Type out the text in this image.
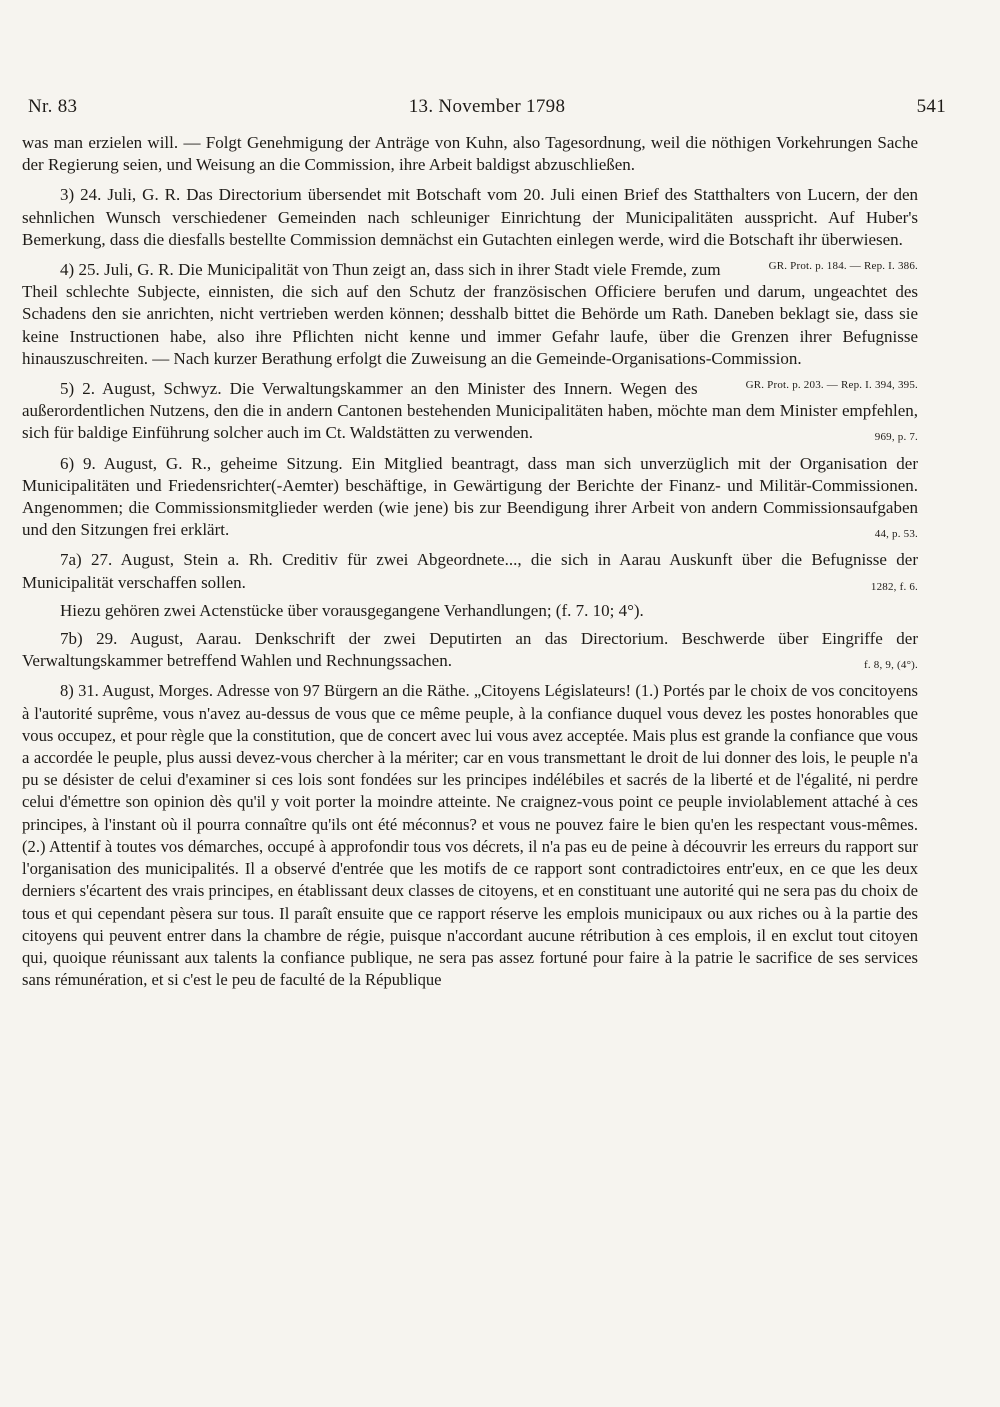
Nr. 83	13. November 1798	541

was man erzielen will. — Folgt Genehmigung der Anträge von Kuhn, also Tagesordnung, weil die nöthigen Vorkehrungen Sache der Regierung seien, und Weisung an die Commission, ihre Arbeit baldigst abzuschließen.

3) 24. Juli, G. R. Das Directorium übersendet mit Botschaft vom 20. Juli einen Brief des Statthalters von Lucern, der den sehnlichen Wunsch verschiedener Gemeinden nach schleuniger Einrichtung der Municipalitäten ausspricht. Auf Huber's Bemerkung, dass die diesfalls bestellte Commission demnächst ein Gutachten einlegen werde, wird die Botschaft ihr überwiesen.
GR. Prot. p. 184. — Rep. I. 386.

4) 25. Juli, G. R. Die Municipalität von Thun zeigt an, dass sich in ihrer Stadt viele Fremde, zum Theil schlechte Subjecte, einnisten, die sich auf den Schutz der französischen Officiere berufen und darum, ungeachtet des Schadens den sie anrichten, nicht vertrieben werden können; desshalb bittet die Behörde um Rath. Daneben beklagt sie, dass sie keine Instructionen habe, also ihre Pflichten nicht kenne und immer Gefahr laufe, über die Grenzen ihrer Befugnisse hinauszuschreiten. — Nach kurzer Berathung erfolgt die Zuweisung an die Gemeinde-Organisations-Commission.
GR. Prot. p. 203. — Rep. I. 394, 395.

5) 2. August, Schwyz. Die Verwaltungskammer an den Minister des Innern. Wegen des außerordentlichen Nutzens, den die in andern Cantonen bestehenden Municipalitäten haben, möchte man dem Minister empfehlen, sich für baldige Einführung solcher auch im Ct. Waldstätten zu verwenden.	969, p. 7.

6) 9. August, G. R., geheime Sitzung. Ein Mitglied beantragt, dass man sich unverzüglich mit der Organisation der Municipalitäten und Friedensrichter(-Aemter) beschäftige, in Gewärtigung der Berichte der Finanz- und Militär-Commissionen. Angenommen; die Commissionsmitglieder werden (wie jene) bis zur Beendigung ihrer Arbeit von andern Commissionsaufgaben und den Sitzungen frei erklärt.	44, p. 53.

7a) 27. August, Stein a. Rh. Creditiv für zwei Abgeordnete..., die sich in Aarau Auskunft über die Befugnisse der Municipalität verschaffen sollen.	1282, f. 6.

Hiezu gehören zwei Actenstücke über vorausgegangene Verhandlungen; (f. 7. 10; 4°).

7b) 29. August, Aarau. Denkschrift der zwei Deputirten an das Directorium. Beschwerde über Eingriffe der Verwaltungskammer betreffend Wahlen und Rechnungssachen.	f. 8, 9, (4°).

8) 31. August, Morges. Adresse von 97 Bürgern an die Räthe. „Citoyens Législateurs! (1.) Portés par le choix de vos concitoyens à l'autorité suprême, vous n'avez au-dessus de vous que ce même peuple, à la confiance duquel vous devez les postes honorables que vous occupez, et pour règle que la constitution, que de concert avec lui vous avez acceptée. Mais plus est grande la confiance que vous a accordée le peuple, plus aussi devez-vous chercher à la mériter; car en vous transmettant le droit de lui donner des lois, le peuple n'a pu se désister de celui d'examiner si ces lois sont fondées sur les principes indélébiles et sacrés de la liberté et de l'égalité, ni perdre celui d'émettre son opinion dès qu'il y voit porter la moindre atteinte. Ne craignez-vous point ce peuple inviolablement attaché à ces principes, à l'instant où il pourra connaître qu'ils ont été méconnus? et vous ne pouvez faire le bien qu'en les respectant vous-mêmes. (2.) Attentif à toutes vos démarches, occupé à approfondir tous vos décrets, il n'a pas eu de peine à découvrir les erreurs du rapport sur l'organisation des municipalités. Il a observé d'entrée que les motifs de ce rapport sont contradictoires entr'eux, en ce que les deux derniers s'écartent des vrais principes, en établissant deux classes de citoyens, et en constituant une autorité qui ne sera pas du choix de tous et qui cependant pèsera sur tous. Il paraît ensuite que ce rapport réserve les emplois municipaux ou aux riches ou à la partie des citoyens qui peuvent entrer dans la chambre de régie, puisque n'accordant aucune rétribution à ces emplois, il en exclut tout citoyen qui, quoique réunissant aux talents la confiance publique, ne sera pas assez fortuné pour faire à la patrie le sacrifice de ses services sans rémunération, et si c'est le peu de faculté de la République
